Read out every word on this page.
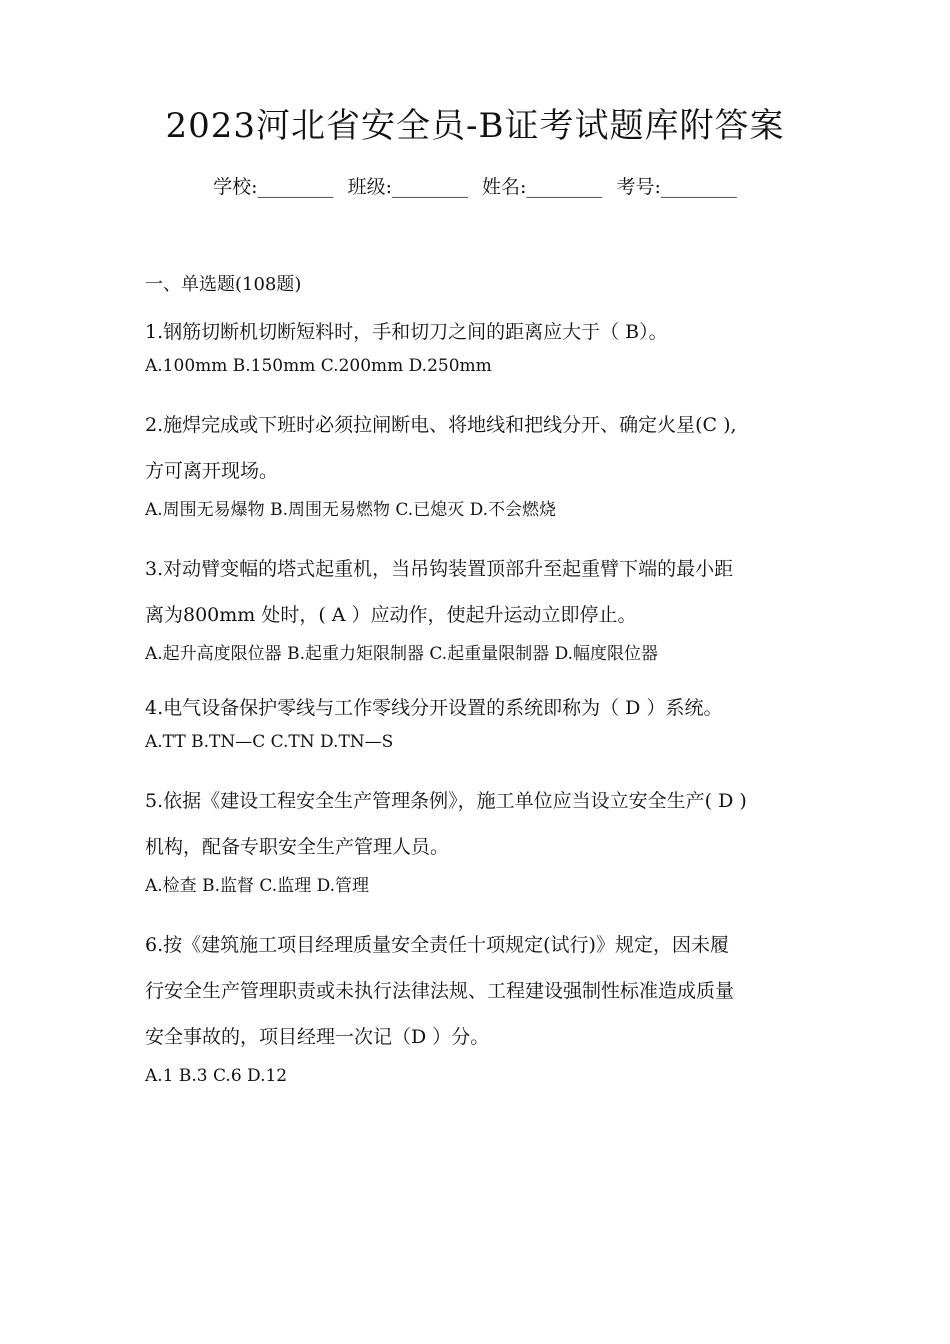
2023河北省安全员-B证考试题库附答案
学校:________ 班级:________ 姓名:________ 考号:________
一、单选题(108题)
1.钢筋切断机切断短料时，手和切刀之间的距离应大于（ B）。
A.100mm B.150mm C.200mm D.250mm
2.施焊完成或下班时必须拉闸断电、将地线和把线分开、确定火星(C ),
方可离开现场。
A.周围无易爆物 B.周围无易燃物 C.已熄灭 D.不会燃烧
3.对动臂变幅的塔式起重机，当吊钩装置顶部升至起重臂下端的最小距
离为800mm 处时，( A ）应动作，使起升运动立即停止。
A.起升高度限位器 B.起重力矩限制器 C.起重量限制器 D.幅度限位器
4.电气设备保护零线与工作零线分开设置的系统即称为（ D ）系统。
A.TT B.TN—C C.TN D.TN—S
5.依据《建设工程安全生产管理条例》，施工单位应当设立安全生产( D )
机构，配备专职安全生产管理人员。
A.检查 B.监督 C.监理 D.管理
6.按《建筑施工项目经理质量安全责任十项规定(试行)》规定，因未履
行安全生产管理职责或未执行法律法规、工程建设强制性标准造成质量
安全事故的，项目经理一次记（D ）分。
A.1 B.3 C.6 D.12
